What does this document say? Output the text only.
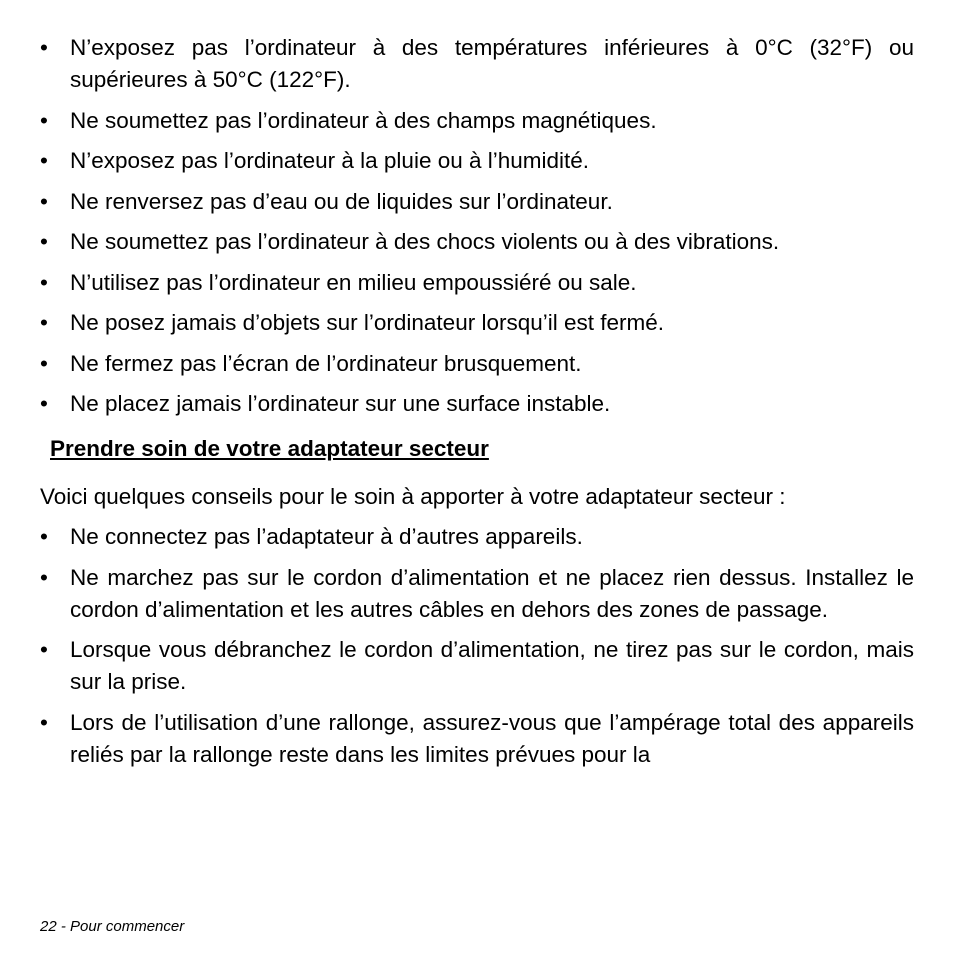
• N’exposez pas l’ordinateur à des températures inférieures à 0°C (32°F) ou supérieures à 50°C (122°F).
• Ne soumettez pas l’ordinateur à des champs magnétiques.
• N’exposez pas l’ordinateur à la pluie ou à l’humidité.
• Ne renversez pas d’eau ou de liquides sur l’ordinateur.
• Ne soumettez pas l’ordinateur à des chocs violents ou à des vibrations.
• N’utilisez pas l’ordinateur en milieu empoussiéré ou sale.
• Ne posez jamais d’objets sur l’ordinateur lorsqu’il est fermé.
• Ne fermez pas l’écran de l’ordinateur brusquement.
• Ne placez jamais l’ordinateur sur une surface instable.
Prendre soin de votre adaptateur secteur
Voici quelques conseils pour le soin à apporter à votre adaptateur secteur :
• Ne connectez pas l’adaptateur à d’autres appareils.
• Ne marchez pas sur le cordon d’alimentation et ne placez rien dessus. Installez le cordon d’alimentation et les autres câbles en dehors des zones de passage.
• Lorsque vous débranchez le cordon d’alimentation, ne tirez pas sur le cordon, mais sur la prise.
• Lors de l’utilisation d’une rallonge, assurez-vous que l’ampérage total des appareils reliés par la rallonge reste dans les limites prévues pour la
22 - Pour commencer
